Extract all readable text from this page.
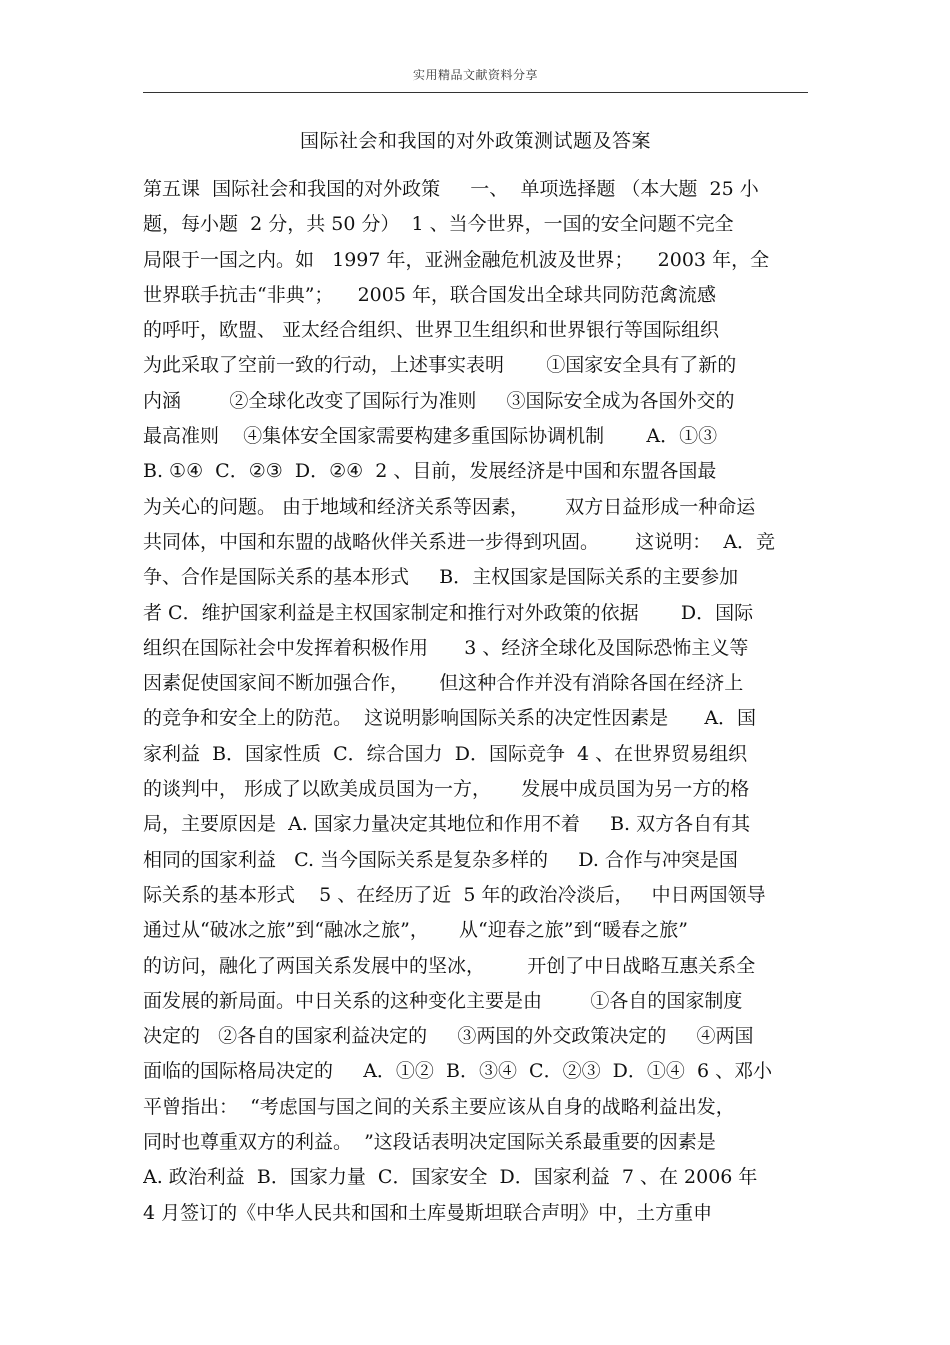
实用精品文献资料分享
国际社会和我国的对外政策测试题及答案
第五课  国际社会和我国的对外政策     一、  单项选择题 （本大题  25 小
题，每小题  2 分，共 50 分）  1 、当今世界，一国的安全问题不完全
局限于一国之内。如   1997 年，亚洲金融危机波及世界；    2003 年，全
世界联手抗击“非典”；    2005 年，联合国发出全球共同防范禽流感
的呼吁，欧盟、 亚太经合组织、世界卫生组织和世界银行等国际组织
为此采取了空前一致的行动，上述事实表明       ①国家安全具有了新的
内涵        ②全球化改变了国际行为准则     ③国际安全成为各国外交的
最高准则    ④集体安全国家需要构建多重国际协调机制       A．①③
B. ①④  C．②③  D．②④  2 、目前，发展经济是中国和东盟各国最
为关心的问题。 由于地域和经济关系等因素，      双方日益形成一种命运
共同体，中国和东盟的战略伙伴关系进一步得到巩固。      这说明：  A．竞
争、合作是国际关系的基本形式     B．主权国家是国际关系的主要参加
者 C．维护国家利益是主权国家制定和推行对外政策的依据       D．国际
组织在国际社会中发挥着积极作用      3 、经济全球化及国际恐怖主义等
因素促使国家间不断加强合作，     但这种合作并没有消除各国在经济上
的竞争和安全上的防范。  这说明影响国际关系的决定性因素是      A．国
家利益  B．国家性质  C．综合国力  D．国际竞争  4 、在世界贸易组织
的谈判中， 形成了以欧美成员国为一方，     发展中成员国为另一方的格
局，主要原因是  A. 国家力量决定其地位和作用不着     B. 双方各自有其
相同的国家利益   C. 当今国际关系是复杂多样的     D. 合作与冲突是国
际关系的基本形式    5 、在经历了近  5 年的政治冷淡后，   中日两国领导
通过从“破冰之旅”到“融冰之旅”，     从“迎春之旅”到“暖春之旅”
的访问，融化了两国关系发展中的坚冰，       开创了中日战略互惠关系全
面发展的新局面。中日关系的这种变化主要是由        ①各自的国家制度
决定的   ②各自的国家利益决定的     ③两国的外交政策决定的     ④两国
面临的国际格局决定的     A．①②  B．③④  C．②③  D．①④  6 、邓小
平曾指出：  “考虑国与国之间的关系主要应该从自身的战略利益出发，
同时也尊重双方的利益。  ”这段话表明决定国际关系最重要的因素是
A. 政治利益  B．国家力量  C．国家安全  D．国家利益  7 、在 2006 年
4 月签订的《中华人民共和国和土库曼斯坦联合声明》中，土方重申
